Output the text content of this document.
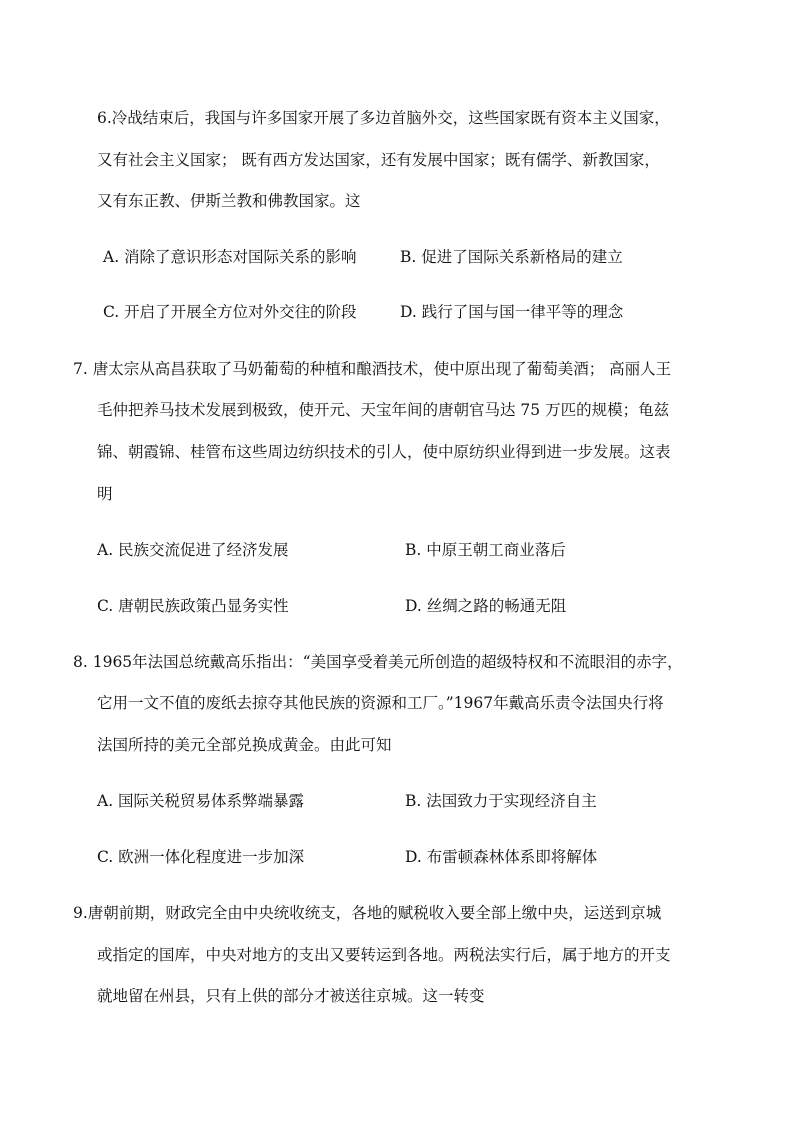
6.冷战结束后，我国与许多国家开展了多边首脑外交，这些国家既有资本主义国家，
又有社会主义国家； 既有西方发达国家，还有发展中国家；既有儒学、新教国家，
又有东正教、伊斯兰教和佛教国家。这
A. 消除了意识形态对国际关系的影响	B. 促进了国际关系新格局的建立
C. 开启了开展全方位对外交往的阶段	D. 践行了国与国一律平等的理念
7. 唐太宗从高昌获取了马奶葡萄的种植和酿酒技术，使中原出现了葡萄美酒； 高丽人王
毛仲把养马技术发展到极致，使开元、天宝年间的唐朝官马达 75 万匹的规模；龟兹
锦、朝霞锦、桂管布这些周边纺织技术的引人，使中原纺织业得到进一步发展。这表
明
A. 民族交流促进了经济发展	B. 中原王朝工商业落后
C. 唐朝民族政策凸显务实性	D. 丝绸之路的畅通无阻
8. 1965年法国总统戴高乐指出：“美国享受着美元所创造的超级特权和不流眼泪的赤字，
它用一文不值的废纸去掠夺其他民族的资源和工厂。”1967年戴高乐责令法国央行将
法国所持的美元全部兑换成黄金。由此可知
A. 国际关税贸易体系弊端暴露	B. 法国致力于实现经济自主
C. 欧洲一体化程度进一步加深	D. 布雷顿森林体系即将解体
9.唐朝前期，财政完全由中央统收统支，各地的赋税收入要全部上缴中央，运送到京城
或指定的国库，中央对地方的支出又要转运到各地。两税法实行后，属于地方的开支
就地留在州县，只有上供的部分才被送往京城。这一转变
